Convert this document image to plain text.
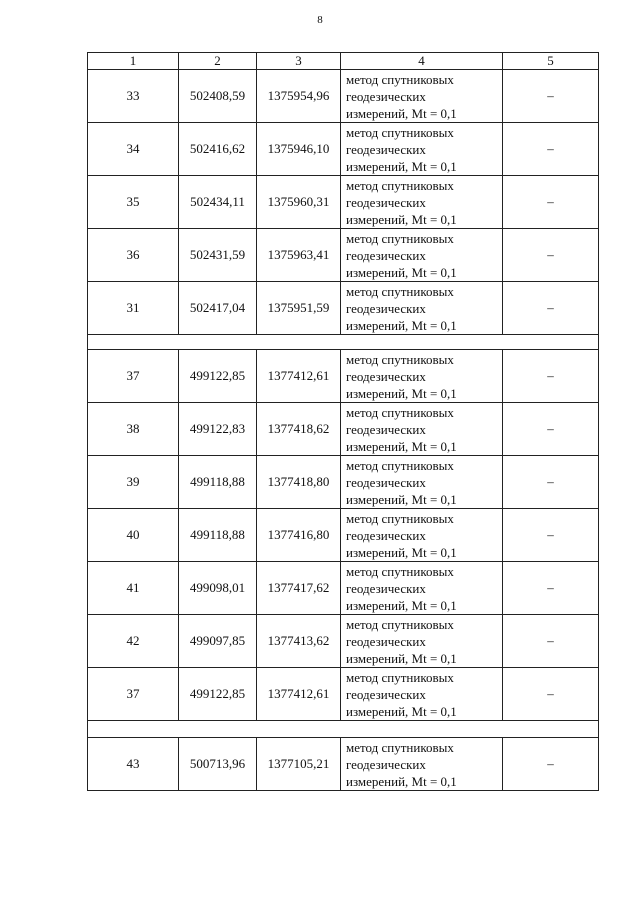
8
1	2	3	4	5
33	502408,59	1375954,96	метод спутниковых
геодезических
измерений, Mt = 0,1	–
34	502416,62	1375946,10	метод спутниковых
геодезических
измерений, Mt = 0,1	–
35	502434,11	1375960,31	метод спутниковых
геодезических
измерений, Mt = 0,1	–
36	502431,59	1375963,41	метод спутниковых
геодезических
измерений, Mt = 0,1	–
31	502417,04	1375951,59	метод спутниковых
геодезических
измерений, Mt = 0,1	–

37	499122,85	1377412,61	метод спутниковых
геодезических
измерений, Mt = 0,1	–
38	499122,83	1377418,62	метод спутниковых
геодезических
измерений, Mt = 0,1	–
39	499118,88	1377418,80	метод спутниковых
геодезических
измерений, Mt = 0,1	–
40	499118,88	1377416,80	метод спутниковых
геодезических
измерений, Mt = 0,1	–
41	499098,01	1377417,62	метод спутниковых
геодезических
измерений, Mt = 0,1	–
42	499097,85	1377413,62	метод спутниковых
геодезических
измерений, Mt = 0,1	–
37	499122,85	1377412,61	метод спутниковых
геодезических
измерений, Mt = 0,1	–

43	500713,96	1377105,21	метод спутниковых
геодезических
измерений, Mt = 0,1	–
